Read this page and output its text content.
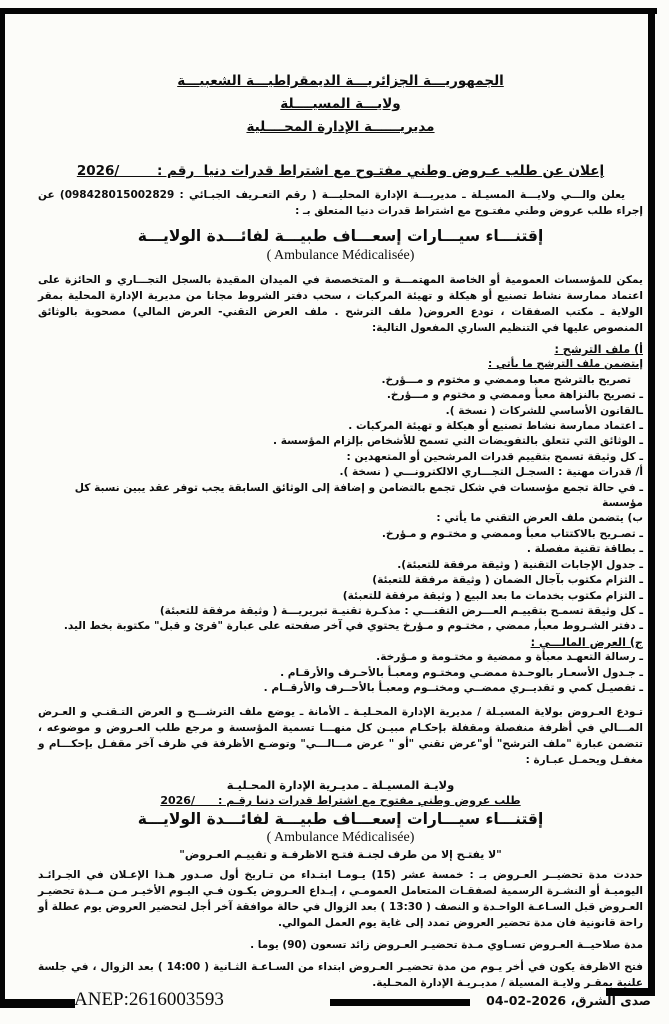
الجمهوريـــة الجزائريـــة الديمقراطيـــة الشعبيـــة
ولايـــة المسيــــلة
مديريــــــة الإدارة المحــــلية
إعلان عن طلب عـروض وطني مفتـوح مع اشتراط قدرات دنيا  رقم :        /2026
يعلن والـــي ولايـــة المسيـلة ـ مديريـــة الإدارة المحليـــة ( رقم التعـريف الجبـائي : 098428015002829) عن إجراء طلب عروض وطني مفتـوح مع اشتراط قدرات دنيا المتعلق بـ :
إقتنـــاء سيـــارات إسعـــاف طبيـــة لفائـــدة الولايـــة
( Ambulance Médicalisée)
يمكن للمؤسسات العمومية أو الخاصة المهتمـــة و المتخصصة في الميدان المقيدة بالسجل التجـــاري و الحائزة على اعتماد ممارسة نشاط تصنيع أو هيكلة و تهيئة المركبات ، سحب دفتر الشروط مجانا من مديرية الإدارة المحلية بمقر الولاية ـ مكتب الصفقات ، تودع العروض( ملف الترشح . ملف العرض التقني- العرض المالي) مصحوبة بالوثائق المنصوص عليها في التنظيم الساري المفعول التالية:
أ) ملف الترشح :
إيتضمن ملف الترشح ما يأتي :
تصريح بالترشح معبا وممضي و مختوم و مـــؤرخ.
ـ تصريح بالنزاهة معبأ وممضي و مختوم و مـــؤرخ.
ـالقانون الأساسي للشركات ( نسخة ).
ـ اعتماد ممارسة نشاط تصنيع أو هيكلة و تهيئة المركبات .
ـ الوثائق التي تتعلق بالتفويضات التي تسمح للأشخاص بإلزام المؤسسة .
ـ كل وثيقة تسمح بتقييم قدرات المرشحين أو المتعهدين :
أ/ قدرات مهنية : السجـل التجـــاري الالكترونـــي ( نسخة ).
ـ في حالة تجمع مؤسسات في شكل تجمع بالتضامن و إضافة إلى الوثائق السابقة يجب توفر عقد يبين نسبة كل مؤسسة
ب) يتضمن ملف العرض التقني ما يأتي :
ـ تصـريح بالاكتتاب معبأ وممضي و مختـوم و مـؤرخ.
ـ بطاقة تقنية مفصلة .
ـ جدول الإجابات التقنية ( وثيقة مرفقة للتعبئة).
ـ التزام مكتوب بآجال الضمان ( وثيقة مرفقة للتعبئة)
ـ التزام مكتوب بخدمات ما بعد البيع ( وثيقة مرفقة للتعبئة)
ـ كل وثيقة تسمـح بتقييـم العـــرض التقنـــي : مذكـرة تقنيـة تبريريـــة ( وثيقة مرفقة للتعبئة)
ـ دفتر الشـروط معبأ, ممضي , مختـوم و مـؤرخ يحتوي في آخر صفحته على عبارة "قرئ و قبل" مكتوبة بخط اليد.
ج) العرض المالـــي :
ـ رسالة التعهـد معبأة و ممضية و مختـومة و مـؤرخة.
ـ جـدول الأسعـار بالوحـدة ممضـي ومختـوم ومعبـأ بالأحـرف والأرقـام .
ـ تفصيـل كمي و تقديــري ممضــي ومختــوم ومعبـأ بالأحــرف والأرقــام .
تـودع العـروض بولاية المسيـلة / مديرية الإدارة المحـليـة ـ الأمانة ـ يوضع ملف الترشـــح و العرض التـقنـي و العـرض المـــالي في أظرفة منفصلة ومقفلة بإحكـام مبيـن كل منهـــا تسمية المؤسسة و مرجع طلب العـروض و موضوعه ، تتضمن عبارة "ملف الترشح" أو"عرض تقني "أو " عرض مـــالـــي" وتوضـع الأظرفة في ظرف آخر مقفـل بإحكـــام و مغفـل ويحمـل عبـارة :
ولايـة المسيـلة ـ مديـرية الإدارة المحـليـة
طلب عروض وطني مفتوح مع اشتراط قدرات دنيا رقـم :      /2026
إقتنـــاء سيـــارات إسعـــاف طبيـــة لفائـــدة الولايـــة
( Ambulance Médicalisée)
"لا يفتـح إلا من طرف لجنـة فتـح الاظرفـة و تقييـم العـروض"

حددت مدة تحضيــر العـروض بـ : خمسة عشر (15) يـومـا ابتـداء من تـاريخ أول صـدور هـذا الإعـلان في الجـرائـد اليوميـة أو النشـرة الرسمية لصفقـات المتعامل العمومـي ، إيـداع العـروض يكـون فـي اليـوم الأخيـر مـن مــدة تحضيـر العـروض قبل السـاعـة الواحـدة و النصف ( 13:30 ) بعد الزوال في حالة موافقة آخر أجل لتحضير العروض يوم عطلة أو راحة قانونية فان مدة تحضير العروض تمدد إلى غاية يوم العمل الموالي.

مدة صلاحيــة العـروض تسـاوي مـدة تحضيـر العـروض زائد تسعون (90) يوما .

فتح الاظرفة يكون في أخر يـوم من مدة تحضيـر العـروض ابتداء من السـاعـة الثـانية ( 14:00 ) بعد الزوال ، في جلسة علنية بمقـر ولايـة المسيلة / مديـريـة الإدارة المحـلية.

ANEP:2616003593	صدى الشرق، 2026-02-04
